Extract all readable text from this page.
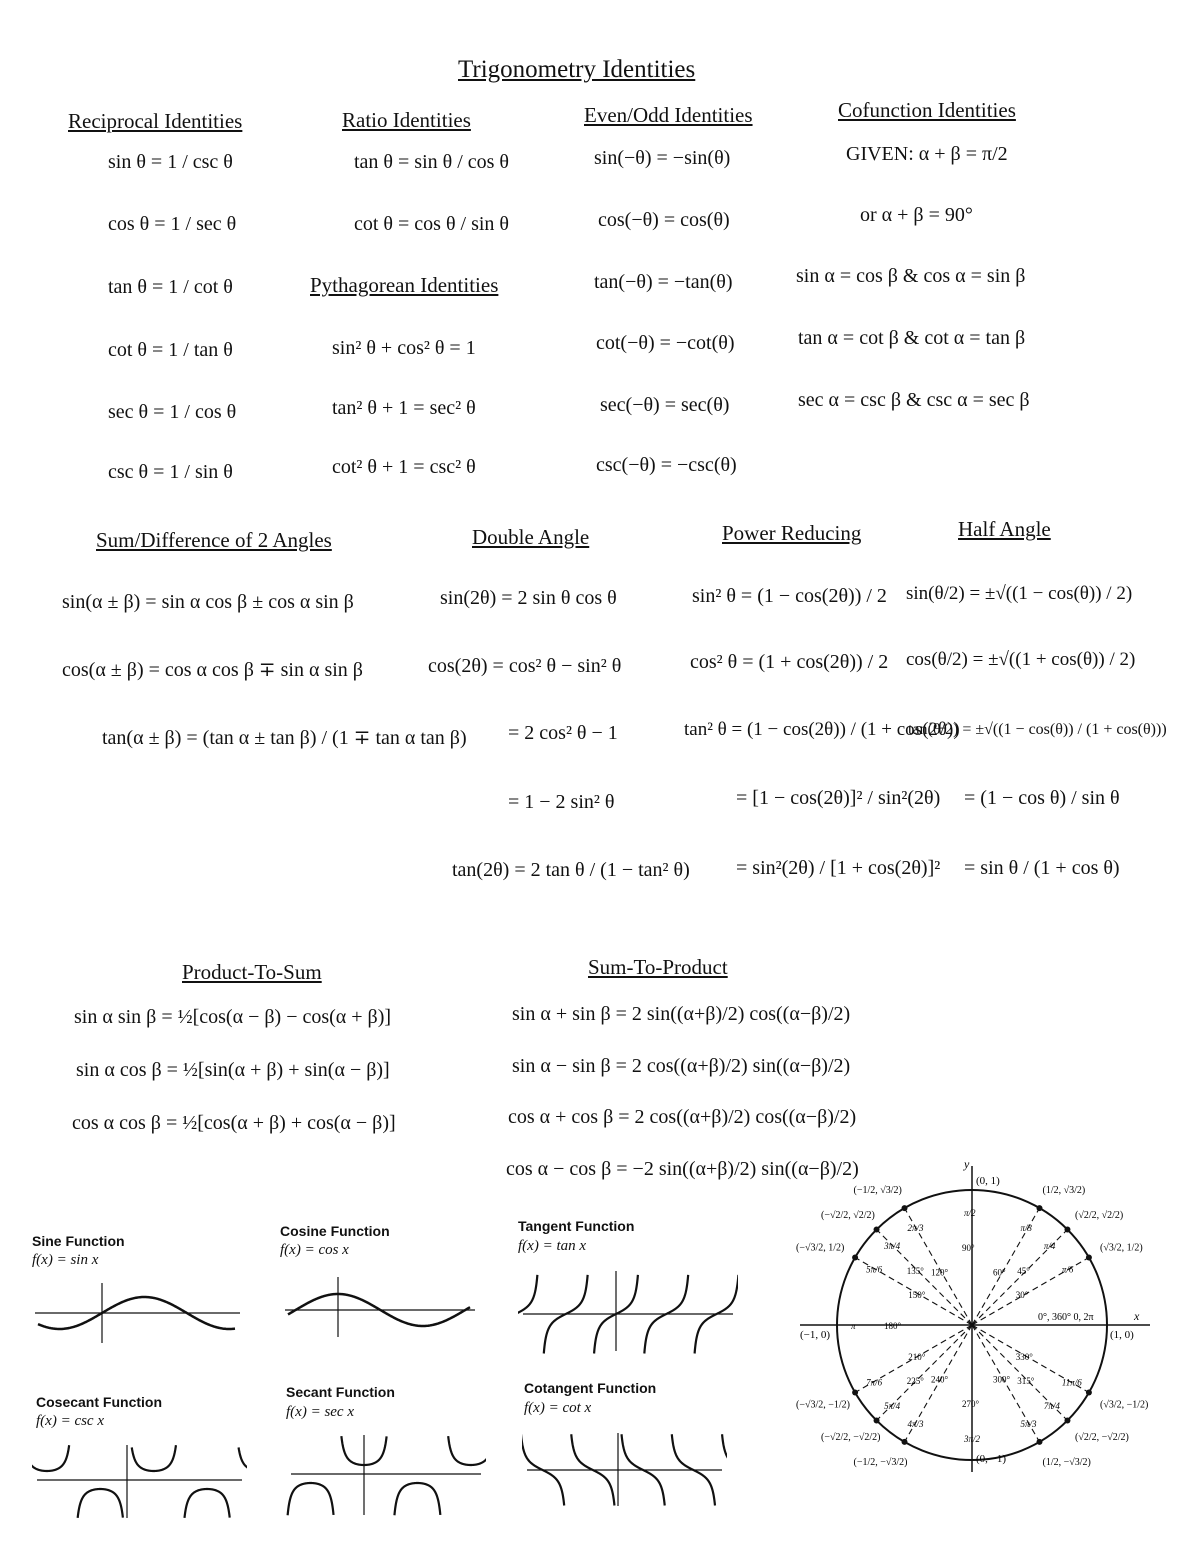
Trigonometry Identities
Reciprocal Identities
sin θ = 1 / csc θ
cos θ = 1 / sec θ
tan θ = 1 / cot θ
cot θ = 1 / tan θ
sec θ = 1 / cos θ
csc θ = 1 / sin θ
Ratio Identities
tan θ = sin θ / cos θ
cot θ = cos θ / sin θ
Pythagorean Identities
sin² θ + cos² θ = 1
tan² θ + 1 = sec² θ
cot² θ + 1 = csc² θ
Even/Odd Identities
sin(−θ) = −sin(θ)
cos(−θ) = cos(θ)
tan(−θ) = −tan(θ)
cot(−θ) = −cot(θ)
sec(−θ) = sec(θ)
csc(−θ) = −csc(θ)
Cofunction Identities
GIVEN: α + β = π/2
or α + β = 90°
sin α = cos β & cos α = sin β
tan α = cot β & cot α = tan β
sec α = csc β & csc α = sec β
Sum/Difference of 2 Angles
sin(α ± β) = sin α cos β ± cos α sin β
cos(α ± β) = cos α cos β ∓ sin α sin β
tan(α ± β) = (tan α ± tan β) / (1 ∓ tan α tan β)
Double Angle
sin(2θ) = 2 sin θ cos θ
cos(2θ) = cos² θ − sin² θ
= 2 cos² θ − 1
= 1 − 2 sin² θ
tan(2θ) = 2 tan θ / (1 − tan² θ)
Power Reducing
sin² θ = (1 − cos(2θ)) / 2
cos² θ = (1 + cos(2θ)) / 2
tan² θ = (1 − cos(2θ)) / (1 + cos(2θ))
= [1 − cos(2θ)]² / sin²(2θ)
= sin²(2θ) / [1 + cos(2θ)]²
Half Angle
sin(θ/2) = ±√((1 − cos(θ)) / 2)
cos(θ/2) = ±√((1 + cos(θ)) / 2)
tan(θ/2) = ±√((1 − cos(θ)) / (1 + cos(θ)))
= (1 − cos θ) / sin θ
= sin θ / (1 + cos θ)
Product-To-Sum
sin α sin β = ½[cos(α − β) − cos(α + β)]
sin α cos β = ½[sin(α + β) + sin(α − β)]
cos α cos β = ½[cos(α + β) + cos(α − β)]
Sum-To-Product
sin α + sin β = 2 sin((α+β)/2) cos((α−β)/2)
sin α − sin β = 2 cos((α+β)/2) sin((α−β)/2)
cos α + cos β = 2 cos((α+β)/2) cos((α−β)/2)
cos α − cos β = −2 sin((α+β)/2) sin((α−β)/2)
Sine Function
f(x) = sin x
Cosine Function
f(x) = cos x
Tangent Function
f(x) = tan x
Cosecant Function
f(x) = csc x
Secant Function
f(x) = sec x
Cotangent Function
f(x) = cot x
x
y
(0, 1)
(0, −1)
(−1, 0)	(1, 0)
0°, 360° 0, 2π
30°
π/6
45°
π/4
60°
π/3
90°
π/2
120°
2π/3
135°
3π/4
150°
5π/6
180°
π
210°
7π/6	225°
5π/4
240°
4π/3
270°
3π/2
300°
5π/3
315°
7π/4
330°
11π/6
(√3/2, 1/2)
(√2/2, √2/2)
(1/2, √3/2)
(−1/2, √3/2)
(−√2/2, √2/2)
(−√3/2, 1/2)
(−√3/2, −1/2)
(−√2/2, −√2/2)
(−1/2, −√3/2)	(1/2, −√3/2)
(√2/2, −√2/2)
(√3/2, −1/2)
